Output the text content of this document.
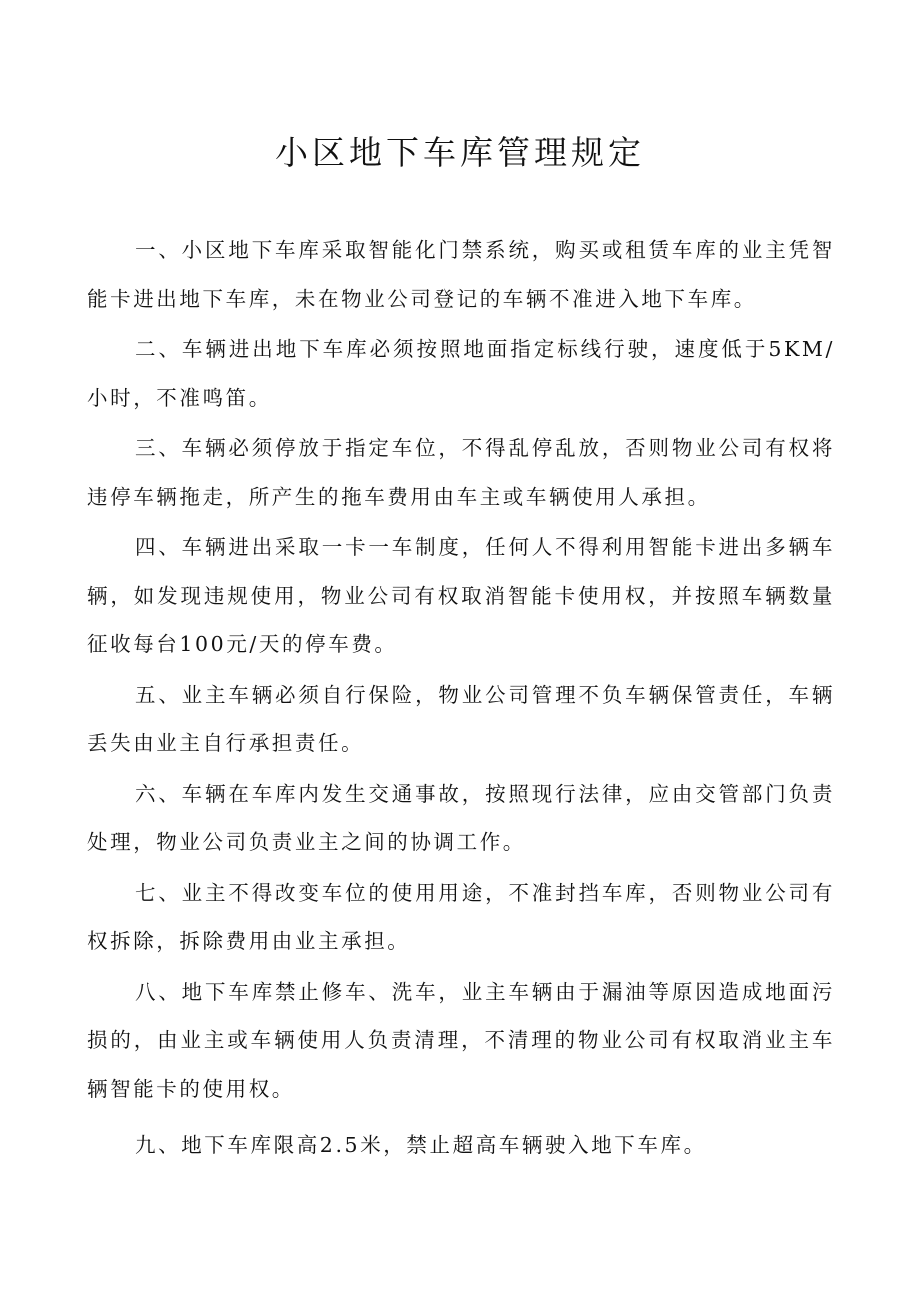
小区地下车库管理规定

一、小区地下车库采取智能化门禁系统，购买或租赁车库的业主凭智能卡进出地下车库，未在物业公司登记的车辆不准进入地下车库。

二、车辆进出地下车库必须按照地面指定标线行驶，速度低于5KM/小时，不准鸣笛。

三、车辆必须停放于指定车位，不得乱停乱放，否则物业公司有权将违停车辆拖走，所产生的拖车费用由车主或车辆使用人承担。

四、车辆进出采取一卡一车制度，任何人不得利用智能卡进出多辆车辆，如发现违规使用，物业公司有权取消智能卡使用权，并按照车辆数量征收每台100元/天的停车费。

五、业主车辆必须自行保险，物业公司管理不负车辆保管责任，车辆丢失由业主自行承担责任。

六、车辆在车库内发生交通事故，按照现行法律，应由交管部门负责处理，物业公司负责业主之间的协调工作。

七、业主不得改变车位的使用用途，不准封挡车库，否则物业公司有权拆除，拆除费用由业主承担。

八、地下车库禁止修车、洗车，业主车辆由于漏油等原因造成地面污损的，由业主或车辆使用人负责清理，不清理的物业公司有权取消业主车辆智能卡的使用权。

九、地下车库限高2.5米，禁止超高车辆驶入地下车库。
